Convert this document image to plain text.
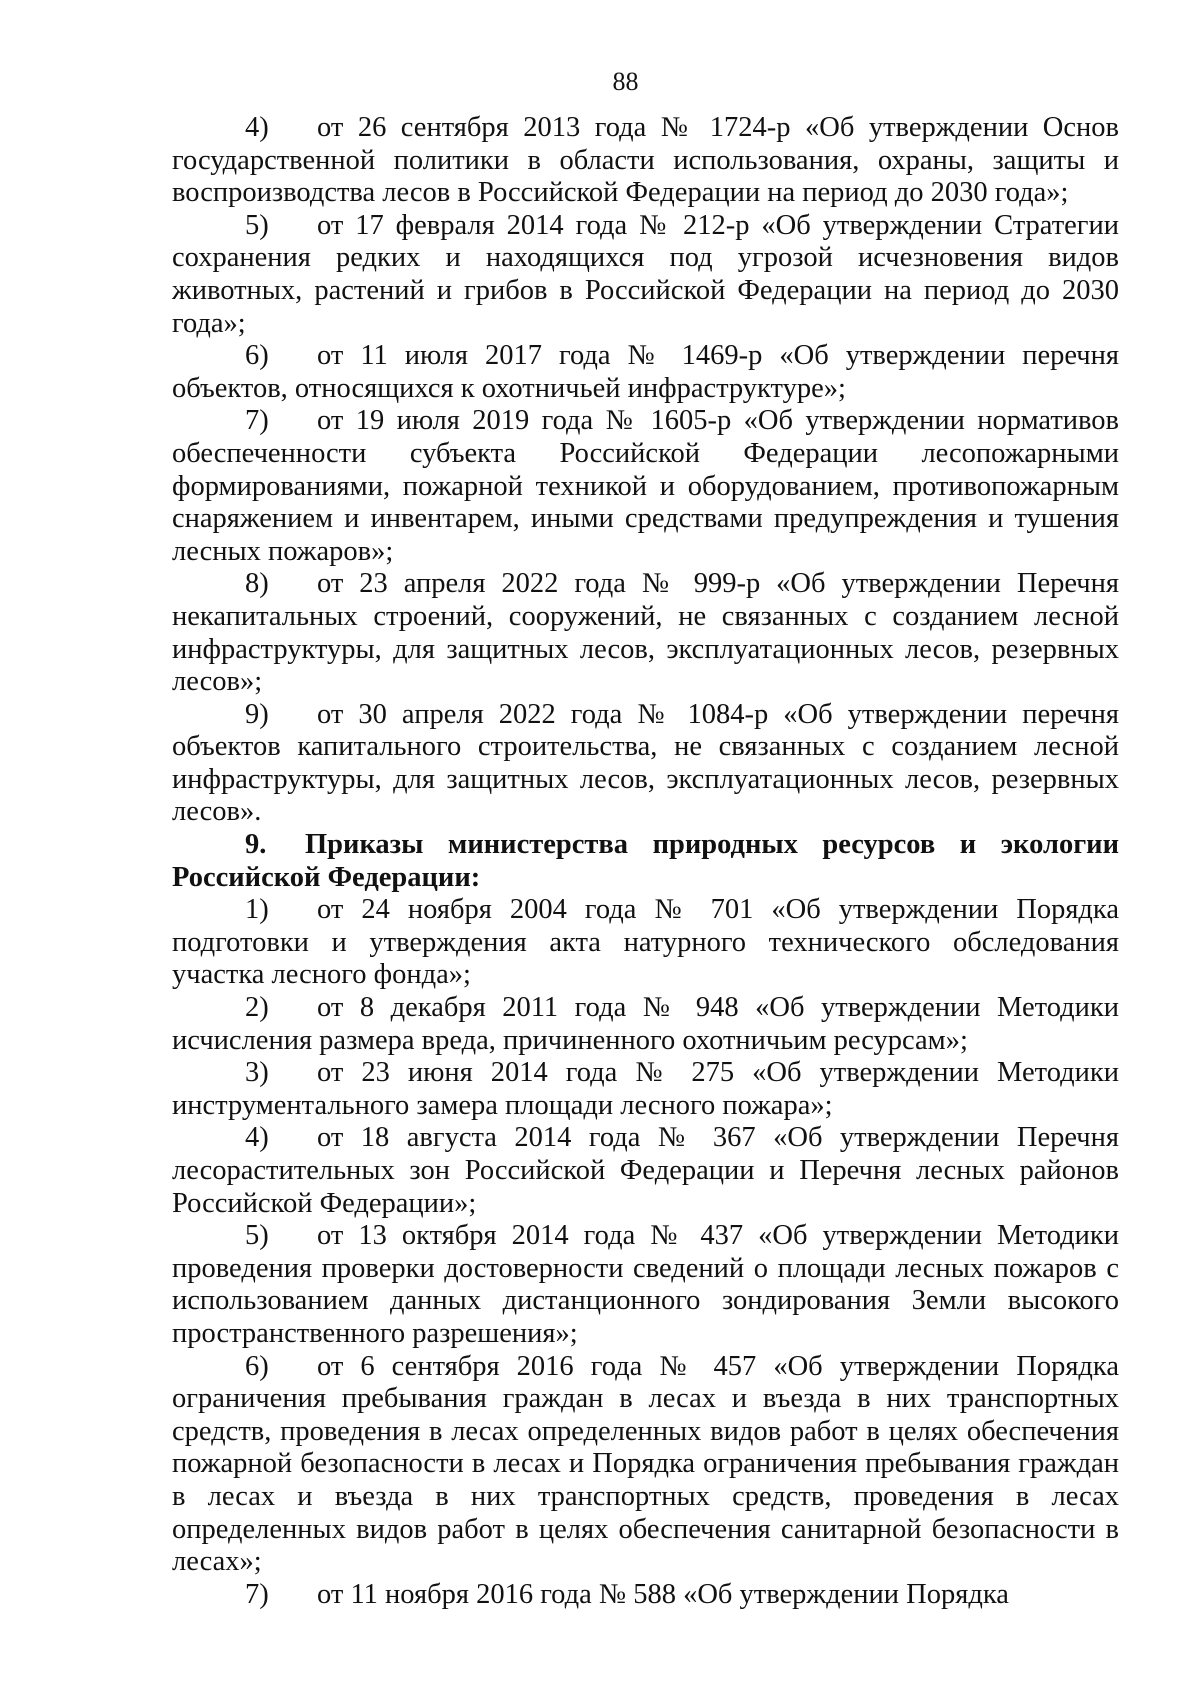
88

4) от 26 сентября 2013 года № 1724-р «Об утверждении Основ государственной политики в области использования, охраны, защиты и воспроизводства лесов в Российской Федерации на период до 2030 года»;

5) от 17 февраля 2014 года № 212-р «Об утверждении Стратегии сохранения редких и находящихся под угрозой исчезновения видов животных, растений и грибов в Российской Федерации на период до 2030 года»;

6) от 11 июля 2017 года № 1469-р «Об утверждении перечня объектов, относящихся к охотничьей инфраструктуре»;

7) от 19 июля 2019 года № 1605-р «Об утверждении нормативов обеспеченности субъекта Российской Федерации лесопожарными формированиями, пожарной техникой и оборудованием, противопожарным снаряжением и инвентарем, иными средствами предупреждения и тушения лесных пожаров»;

8) от 23 апреля 2022 года № 999-р «Об утверждении Перечня некапитальных строений, сооружений, не связанных с созданием лесной инфраструктуры, для защитных лесов, эксплуатационных лесов, резервных лесов»;

9) от 30 апреля 2022 года № 1084-р «Об утверждении перечня объектов капитального строительства, не связанных с созданием лесной инфраструктуры, для защитных лесов, эксплуатационных лесов, резервных лесов».

9. Приказы министерства природных ресурсов и экологии Российской Федерации:

1) от 24 ноября 2004 года № 701 «Об утверждении Порядка подготовки и утверждения акта натурного технического обследования участка лесного фонда»;

2) от 8 декабря 2011 года № 948 «Об утверждении Методики исчисления размера вреда, причиненного охотничьим ресурсам»;

3) от 23 июня 2014 года № 275 «Об утверждении Методики инструментального замера площади лесного пожара»;

4) от 18 августа 2014 года № 367 «Об утверждении Перечня лесорастительных зон Российской Федерации и Перечня лесных районов Российской Федерации»;

5) от 13 октября 2014 года № 437 «Об утверждении Методики проведения проверки достоверности сведений о площади лесных пожаров с использованием данных дистанционного зондирования Земли высокого пространственного разрешения»;

6) от 6 сентября 2016 года № 457 «Об утверждении Порядка ограничения пребывания граждан в лесах и въезда в них транспортных средств, проведения в лесах определенных видов работ в целях обеспечения пожарной безопасности в лесах и Порядка ограничения пребывания граждан в лесах и въезда в них транспортных средств, проведения в лесах определенных видов работ в целях обеспечения санитарной безопасности в лесах»;

7) от 11 ноября 2016 года № 588 «Об утверждении Порядка
